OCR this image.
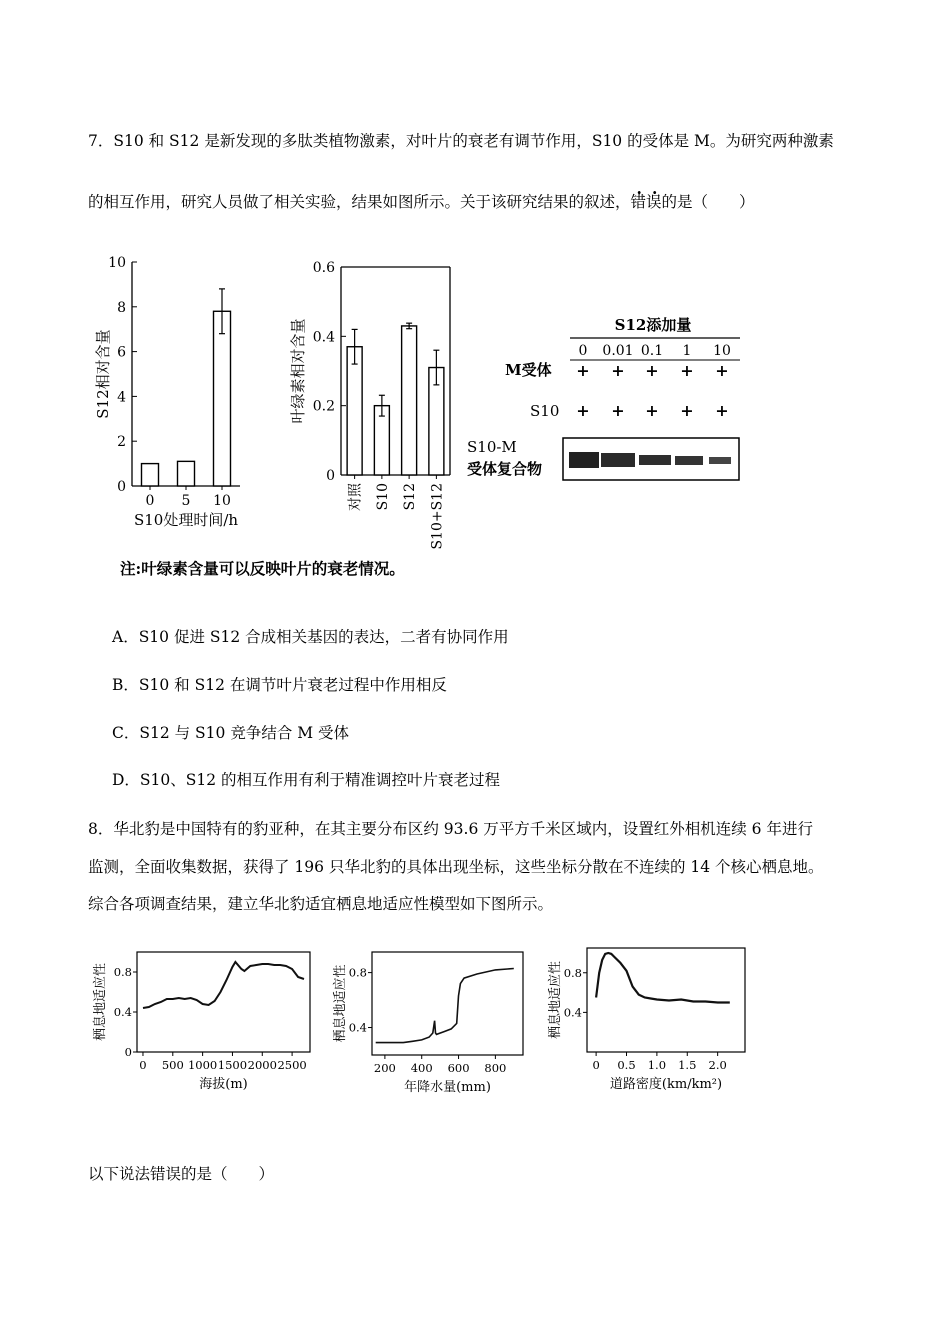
7．S10 和 S12 是新发现的多肽类植物激素，对叶片的衰老有调节作用，S10 的受体是 M。为研究两种激素
的相互作用，研究人员做了相关实验，结果如图所示。关于该研究结果的叙述，错误的是（　　）
0
2
4
6
8
10
0 5 10
S10处理时间/h
S12相对含量
0
0.2
0.4
0.6
对照 S10 S12 S10+S12
叶绿素相对含量	S12添加量
0 0.01 0.1 1 10
M受体 + + + + +
S10 + + + + +
S10-M
受体复合物
注:叶绿素含量可以反映叶片的衰老情况。
A．S10 促进 S12 合成相关基因的表达，二者有协同作用
B．S10 和 S12 在调节叶片衰老过程中作用相反
C．S12 与 S10 竞争结合 M 受体
D．S10、S12 的相互作用有利于精准调控叶片衰老过程
8．华北豹是中国特有的豹亚种，在其主要分布区约 93.6 万平方千米区域内，设置红外相机连续 6 年进行
监测，全面收集数据，获得了 196 只华北豹的具体出现坐标，这些坐标分散在不连续的 14 个核心栖息地。
综合各项调查结果，建立华北豹适宜栖息地适应性模型如下图所示。
0
0.4
0.8
0 500 1000 1500 2000 2500
海拔(m)
栖息地适应性	0.4
0.8
200 400 600 800
年降水量(mm)
栖息地适应性	0.4
0.8
0 0.5 1.0 1.5 2.0
道路密度(km/km²)
栖息地适应性
以下说法错误的是（　　）
